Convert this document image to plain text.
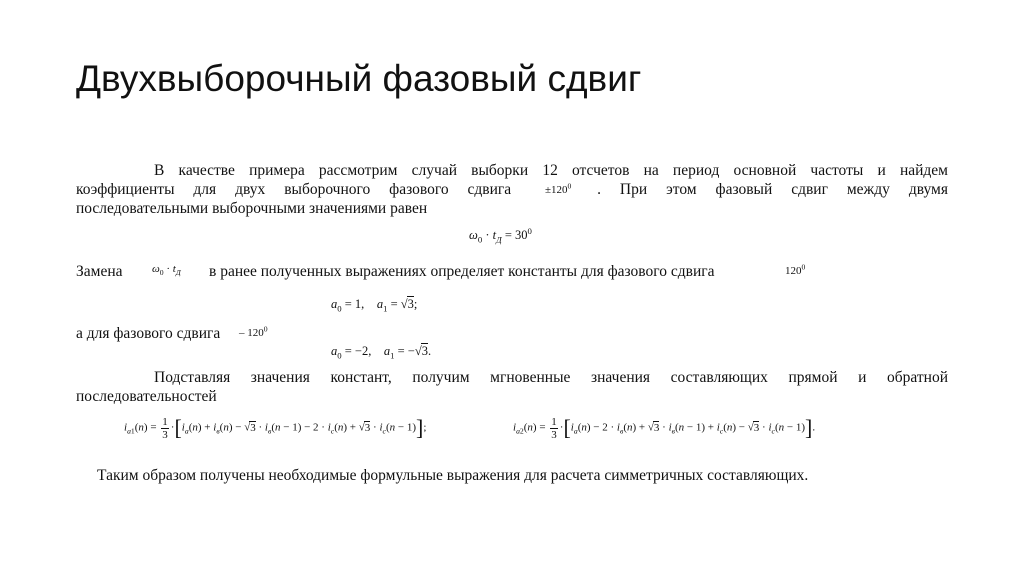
Двухвыборочный фазовый сдвиг
В качестве примера рассмотрим случай выборки 12 отсчетов на период основной частоты и найдем
коэффициенты для двух выборочного фазового сдвига	. При этом фазовый сдвиг между двумя
последовательными выборочными значениями равен
$\pm 120^0$
$\omega_0 \cdot t_Д = 30^0$
Замена	$\omega_0 \cdot t_Д$ в ранее полученных выражениях определяет константы для фазового сдвига	$120^0$
$a_0 = 1$,    $a_1 = √3$;
а для фазового сдвига – $120^0$
$a_0 = -2$,    $a_1 = -√3$.
Подставляя значения констант, получим мгновенные значения составляющих прямой и обратной
последовательностей
$i_{a1}(n) = \frac{1}{3} \cdot[i_a(n) + i_в(n) - √3 \cdot i_в(n - 1) - 2 \cdot i_c(n) + √3 \cdot i_c(n - 1)]$;	$i_{a2}(n) = \frac{1}{3} \cdot[i_a(n) - 2 \cdot i_в(n) + √3 \cdot i_в(n - 1) + i_c(n) - √3 \cdot i_c(n - 1)]$.
Таким образом получены необходимые формульные выражения для расчета симметричных составляющих.
